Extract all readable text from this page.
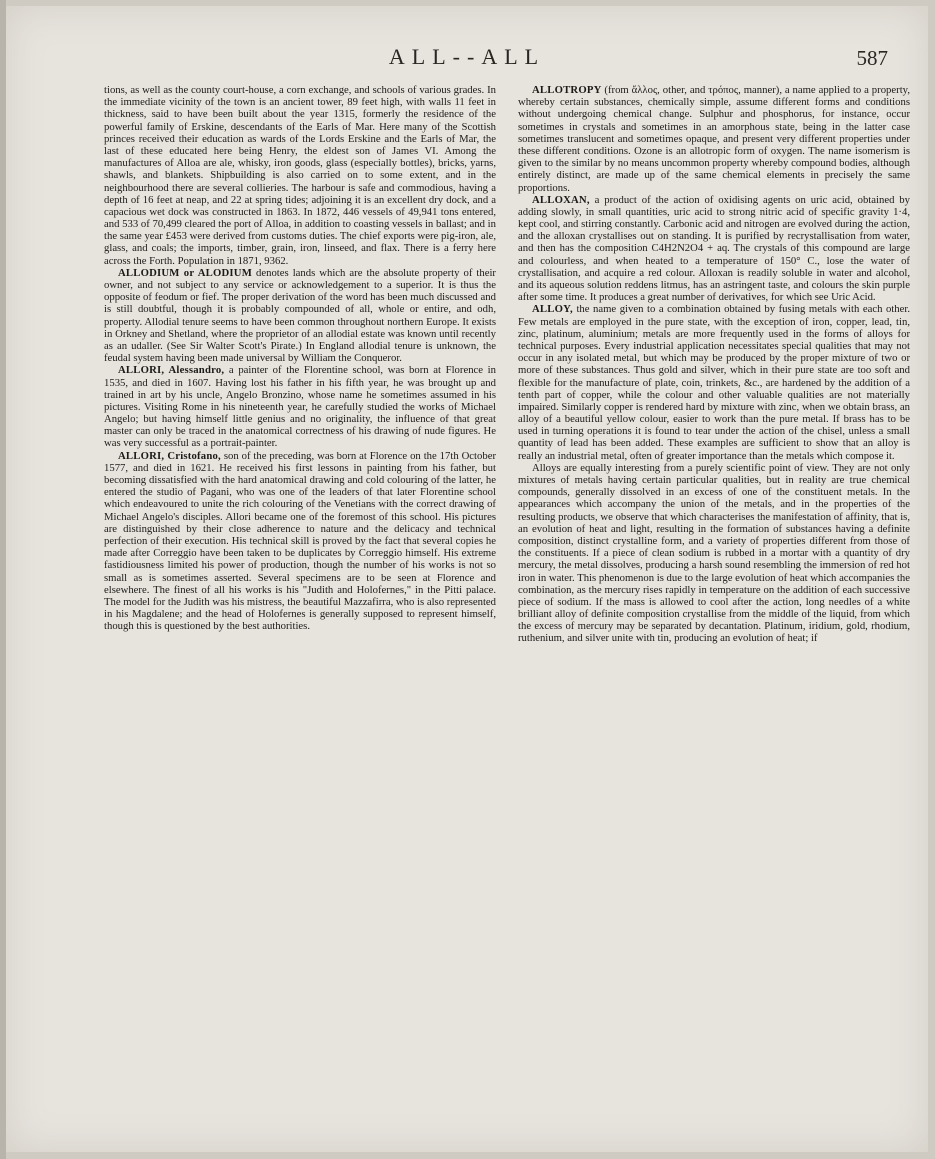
ALL--ALL	587

tions, as well as the county court-house, a corn exchange, and schools of various grades. In the immediate vicinity of the town is an ancient tower, 89 feet high, with walls 11 feet in thickness, said to have been built about the year 1315, formerly the residence of the powerful family of Erskine, descendants of the Earls of Mar. Here many of the Scottish princes received their education as wards of the Lords Erskine and the Earls of Mar, the last of these educated here being Henry, the eldest son of James VI. Among the manufactures of Alloa are ale, whisky, iron goods, glass (especially bottles), bricks, yarns, shawls, and blankets. Shipbuilding is also carried on to some extent, and in the neighbourhood there are several collieries. The harbour is safe and commodious, having a depth of 16 feet at neap, and 22 at spring tides; adjoining it is an excellent dry dock, and a capacious wet dock was constructed in 1863. In 1872, 446 vessels of 49,941 tons entered, and 533 of 70,499 cleared the port of Alloa, in addition to coasting vessels in ballast; and in the same year £453 were derived from customs duties. The chief exports were pig-iron, ale, glass, and coals; the imports, timber, grain, iron, linseed, and flax. There is a ferry here across the Forth. Population in 1871, 9362.

ALLODIUM or ALODIUM denotes lands which are the absolute property of their owner, and not subject to any service or acknowledgement to a superior. It is thus the opposite of feodum or fief. The proper derivation of the word has been much discussed and is still doubtful, though it is probably compounded of all, whole or entire, and odh, property. Allodial tenure seems to have been common throughout northern Europe. It exists in Orkney and Shetland, where the proprietor of an allodial estate was known until recently as an udaller. (See Sir Walter Scott's Pirate.) In England allodial tenure is unknown, the feudal system having been made universal by William the Conqueror.

ALLORI, Alessandro, a painter of the Florentine school, was born at Florence in 1535, and died in 1607. Having lost his father in his fifth year, he was brought up and trained in art by his uncle, Angelo Bronzino, whose name he sometimes assumed in his pictures. Visiting Rome in his nineteenth year, he carefully studied the works of Michael Angelo; but having himself little genius and no originality, the influence of that great master can only be traced in the anatomical correctness of his drawing of nude figures. He was very successful as a portrait-painter.

ALLORI, Cristofano, son of the preceding, was born at Florence on the 17th October 1577, and died in 1621. He received his first lessons in painting from his father, but becoming dissatisfied with the hard anatomical drawing and cold colouring of the latter, he entered the studio of Pagani, who was one of the leaders of that later Florentine school which endeavoured to unite the rich colouring of the Venetians with the correct drawing of Michael Angelo's disciples. Allori became one of the foremost of this school. His pictures are distinguished by their close adherence to nature and the delicacy and technical perfection of their execution. His technical skill is proved by the fact that several copies he made after Correggio have been taken to be duplicates by Correggio himself. His extreme fastidiousness limited his power of production, though the number of his works is not so small as is sometimes asserted. Several specimens are to be seen at Florence and elsewhere. The finest of all his works is his "Judith and Holofernes," in the Pitti palace. The model for the Judith was his mistress, the beautiful Mazzafirra, who is also represented in his Magdalene; and the head of Holofernes is generally supposed to represent himself, though this is questioned by the best authorities.

ALLOTROPY (from ἄλλος, other, and τρόπος, manner), a name applied to a property, whereby certain substances, chemically simple, assume different forms and conditions without undergoing chemical change. Sulphur and phosphorus, for instance, occur sometimes in crystals and sometimes in an amorphous state, being in the latter case sometimes translucent and sometimes opaque, and present very different properties under these different conditions. Ozone is an allotropic form of oxygen. The name isomerism is given to the similar by no means uncommon property whereby compound bodies, although entirely distinct, are made up of the same chemical elements in precisely the same proportions.

ALLOXAN, a product of the action of oxidising agents on uric acid, obtained by adding slowly, in small quantities, uric acid to strong nitric acid of specific gravity 1·4, kept cool, and stirring constantly. Carbonic acid and nitrogen are evolved during the action, and the alloxan crystallises out on standing. It is purified by recrystallisation from water, and then has the composition C4H2N2O4 + aq. The crystals of this compound are large and colourless, and when heated to a temperature of 150° C., lose the water of crystallisation, and acquire a red colour. Alloxan is readily soluble in water and alcohol, and its aqueous solution reddens litmus, has an astringent taste, and colours the skin purple after some time. It produces a great number of derivatives, for which see Uric Acid.

ALLOY, the name given to a combination obtained by fusing metals with each other. Few metals are employed in the pure state, with the exception of iron, copper, lead, tin, zinc, platinum, aluminium; metals are more frequently used in the forms of alloys for technical purposes. Every industrial application necessitates special qualities that may not occur in any isolated metal, but which may be produced by the proper mixture of two or more of these substances. Thus gold and silver, which in their pure state are too soft and flexible for the manufacture of plate, coin, trinkets, &c., are hardened by the addition of a tenth part of copper, while the colour and other valuable qualities are not materially impaired. Similarly copper is rendered hard by mixture with zinc, when we obtain brass, an alloy of a beautiful yellow colour, easier to work than the pure metal. If brass has to be used in turning operations it is found to tear under the action of the chisel, unless a small quantity of lead has been added. These examples are sufficient to show that an alloy is really an industrial metal, often of greater importance than the metals which compose it.

Alloys are equally interesting from a purely scientific point of view. They are not only mixtures of metals having certain particular qualities, but in reality are true chemical compounds, generally dissolved in an excess of one of the constituent metals. In the appearances which accompany the union of the metals, and in the properties of the resulting products, we observe that which characterises the manifestation of affinity, that is, an evolution of heat and light, resulting in the formation of substances having a definite composition, distinct crystalline form, and a variety of properties different from those of the constituents. If a piece of clean sodium is rubbed in a mortar with a quantity of dry mercury, the metal dissolves, producing a harsh sound resembling the immersion of red hot iron in water. This phenomenon is due to the large evolution of heat which accompanies the combination, as the mercury rises rapidly in temperature on the addition of each successive piece of sodium. If the mass is allowed to cool after the action, long needles of a white brilliant alloy of definite composition crystallise from the middle of the liquid, from which the excess of mercury may be separated by decantation. Platinum, iridium, gold, rhodium, ruthenium, and silver unite with tin, producing an evolution of heat; if
